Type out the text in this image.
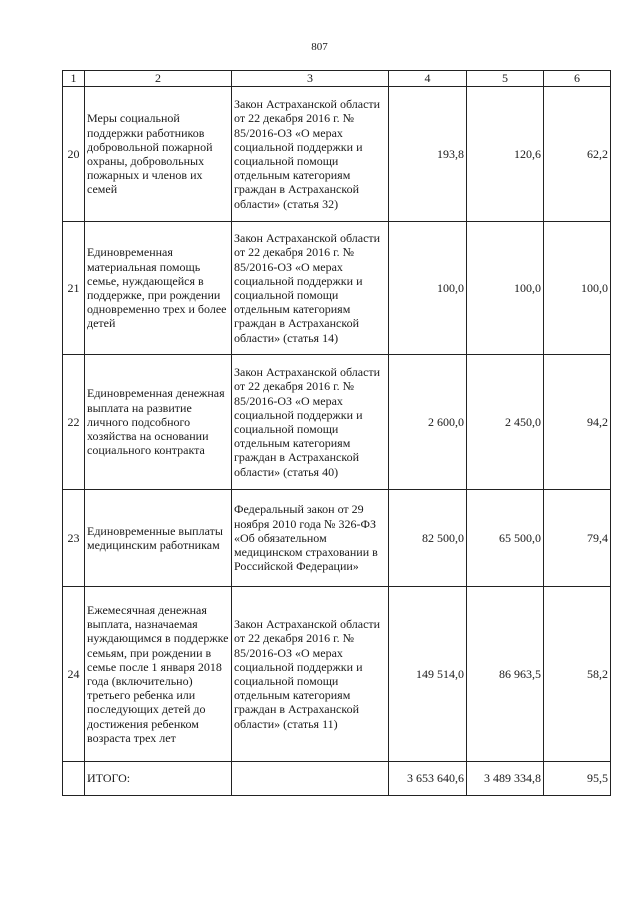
807
1	2	3	4	5	6
20	Меры социальной поддержки работников добровольной пожарной охраны, добровольных пожарных и членов их семей	Закон Астраханской области от 22 декабря 2016 г. № 85/2016-ОЗ «О мерах социальной поддержки и социальной помощи отдельным категориям граждан в Астраханской области» (статья 32)	193,8	120,6	62,2
21	Единовременная материальная помощь семье, нуждающейся в поддержке, при рождении одновременно трех и более детей	Закон Астраханской области от 22 декабря 2016 г. № 85/2016-ОЗ «О мерах социальной поддержки и социальной помощи отдельным категориям граждан в Астраханской области» (статья 14)	100,0	100,0	100,0
22	Единовременная денежная выплата на развитие личного подсобного хозяйства на основании социального контракта	Закон Астраханской области от 22 декабря 2016 г. № 85/2016-ОЗ «О мерах социальной поддержки и социальной помощи отдельным категориям граждан в Астраханской области» (статья 40)	2 600,0	2 450,0	94,2
23	Единовременные выплаты медицинским работникам	Федеральный закон от 29 ноября 2010 года № 326-ФЗ «Об обязательном медицинском страховании в Российской Федерации»	82 500,0	65 500,0	79,4
24	Ежемесячная денежная выплата, назначаемая нуждающимся в поддержке семьям, при рождении в семье после 1 января 2018 года (включительно) третьего ребенка или последующих детей до достижения ребенком возраста трех лет	Закон Астраханской области от 22 декабря 2016 г. № 85/2016-ОЗ «О мерах социальной поддержки и социальной помощи отдельным категориям граждан в Астраханской области» (статья 11)	149 514,0	86 963,5	58,2
	ИТОГО:		3 653 640,6	3 489 334,8	95,5
